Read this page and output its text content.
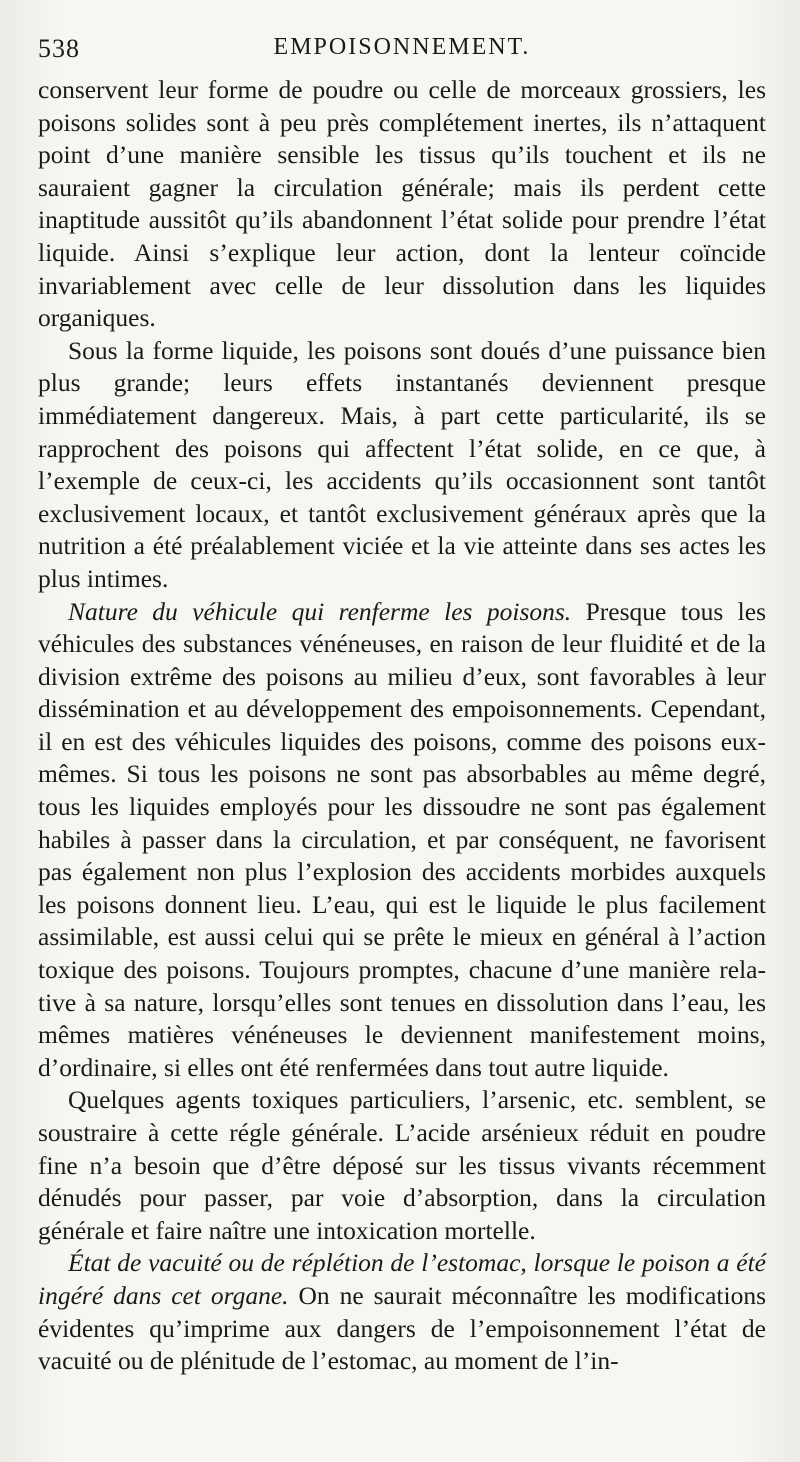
538	EMPOISONNEMENT.

conservent leur forme de poudre ou celle de morceaux grossiers, les poisons solides sont à peu près complétement inertes, ils n’attaquent point d’une manière sensible les tissus qu’ils touchent et ils ne sauraient gagner la circulation générale; mais ils perdent cette inaptitude aussitôt qu’ils abandonnent l’état solide pour prendre l’état liquide. Ainsi s’explique leur action, dont la lenteur coïncide invariablement avec celle de leur dissolution dans les liquides organiques.

Sous la forme liquide, les poisons sont doués d’une puissance bien plus grande; leurs effets instantanés deviennent presque immédiatement dangereux. Mais, à part cette particularité, ils se rapprochent des poisons qui affectent l’état solide, en ce que, à l’exemple de ceux-ci, les accidents qu’ils occasionnent sont tantôt exclusivement locaux, et tantôt exclusivement généraux après que la nutrition a été préalablement viciée et la vie atteinte dans ses actes les plus intimes.

Nature du véhicule qui renferme les poisons. Presque tous les véhicules des substances vénéneuses, en raison de leur fluidité et de la division extrême des poisons au milieu d’eux, sont favorables à leur dissémination et au développement des empoisonnements. Cependant, il en est des véhicules liquides des poisons, comme des poisons eux-mêmes. Si tous les poisons ne sont pas absorbables au même degré, tous les liquides employés pour les dissoudre ne sont pas également habiles à passer dans la circulation, et par conséquent, ne favorisent pas également non plus l’explosion des accidents morbides auxquels les poisons donnent lieu. L’eau, qui est le liquide le plus facilement assimilable, est aussi celui qui se prête le mieux en général à l’action toxique des poisons. Toujours promptes, chacune d’une manière relative à sa nature, lorsqu’elles sont tenues en dissolution dans l’eau, les mêmes matières vénéneuses le deviennent manifestement moins, d’ordinaire, si elles ont été renfermées dans tout autre liquide.

Quelques agents toxiques particuliers, l’arsenic, etc. semblent, se soustraire à cette régle générale. L’acide arsénieux réduit en poudre fine n’a besoin que d’être déposé sur les tissus vivants récemment dénudés pour passer, par voie d’absorption, dans la circulation générale et faire naître une intoxication mortelle.

État de vacuité ou de réplétion de l’estomac, lorsque le poison a été ingéré dans cet organe. On ne saurait méconnaître les modifications évidentes qu’imprime aux dangers de l’empoisonnement l’état de vacuité ou de plénitude de l’estomac, au moment de l’in-
